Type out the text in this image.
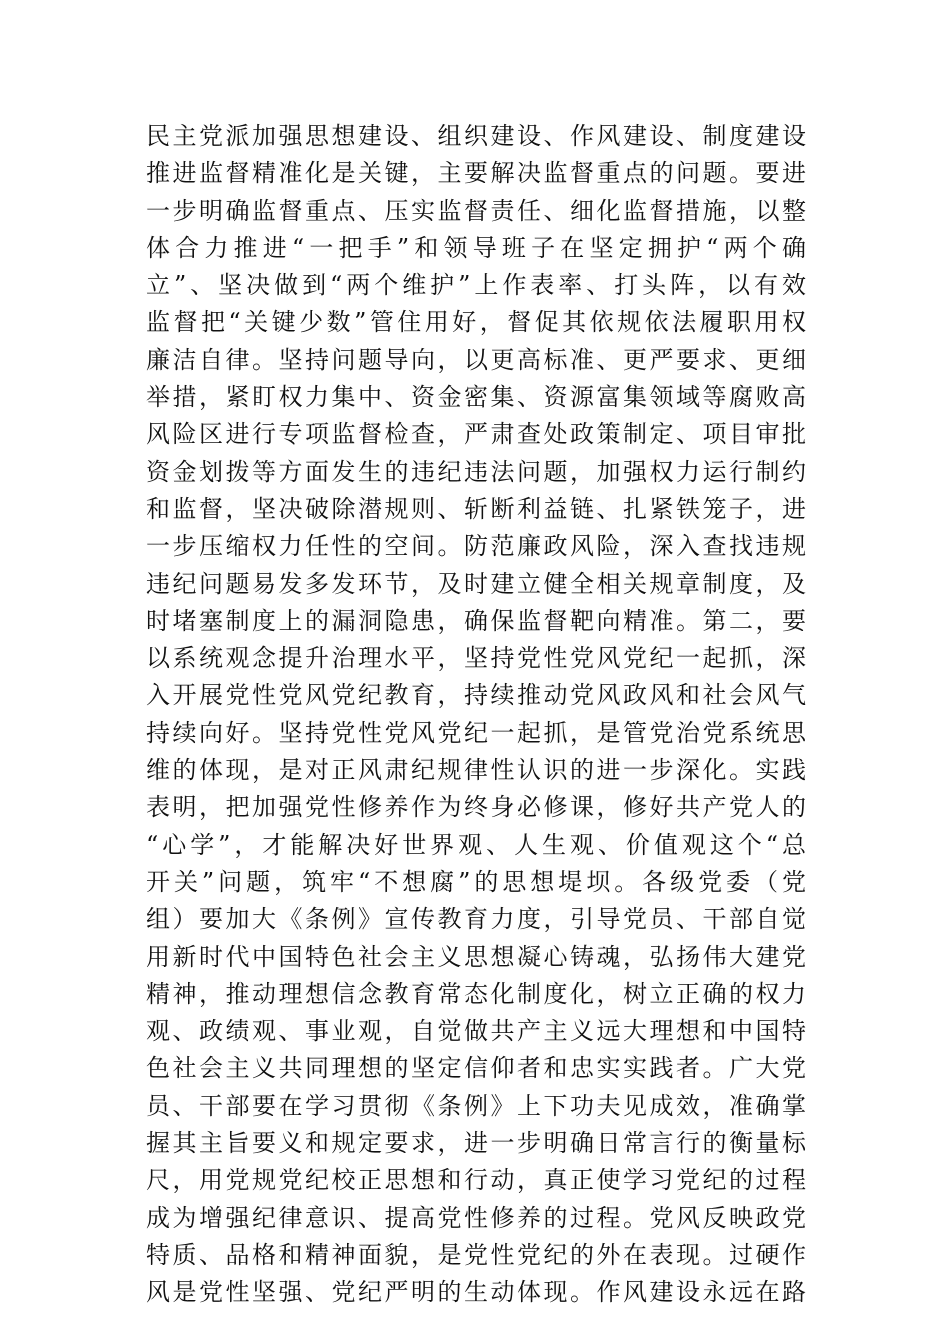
民主党派加强思想建设、组织建设、作风建设、制度建设
推进监督精准化是关键，主要解决监督重点的问题。要进
一步明确监督重点、压实监督责任、细化监督措施，以整
体合力推进“一把手”和领导班子在坚定拥护“两个确
立”、坚决做到“两个维护”上作表率、打头阵，以有效
监督把“关键少数”管住用好，督促其依规依法履职用权
廉洁自律。坚持问题导向，以更高标准、更严要求、更细
举措，紧盯权力集中、资金密集、资源富集领域等腐败高
风险区进行专项监督检查，严肃查处政策制定、项目审批
资金划拨等方面发生的违纪违法问题，加强权力运行制约
和监督，坚决破除潜规则、斩断利益链、扎紧铁笼子，进
一步压缩权力任性的空间。防范廉政风险，深入查找违规
违纪问题易发多发环节，及时建立健全相关规章制度，及
时堵塞制度上的漏洞隐患，确保监督靶向精准。第二，要
以系统观念提升治理水平，坚持党性党风党纪一起抓，深
入开展党性党风党纪教育，持续推动党风政风和社会风气
持续向好。坚持党性党风党纪一起抓，是管党治党系统思
维的体现，是对正风肃纪规律性认识的进一步深化。实践
表明，把加强党性修养作为终身必修课，修好共产党人的
“心学”，才能解决好世界观、人生观、价值观这个“总
开关”问题，筑牢“不想腐”的思想堤坝。各级党委（党
组）要加大《条例》宣传教育力度，引导党员、干部自觉
用新时代中国特色社会主义思想凝心铸魂，弘扬伟大建党
精神，推动理想信念教育常态化制度化，树立正确的权力
观、政绩观、事业观，自觉做共产主义远大理想和中国特
色社会主义共同理想的坚定信仰者和忠实实践者。广大党
员、干部要在学习贯彻《条例》上下功夫见成效，准确掌
握其主旨要义和规定要求，进一步明确日常言行的衡量标
尺，用党规党纪校正思想和行动，真正使学习党纪的过程
成为增强纪律意识、提高党性修养的过程。党风反映政党
特质、品格和精神面貌，是党性党纪的外在表现。过硬作
风是党性坚强、党纪严明的生动体现。作风建设永远在路
